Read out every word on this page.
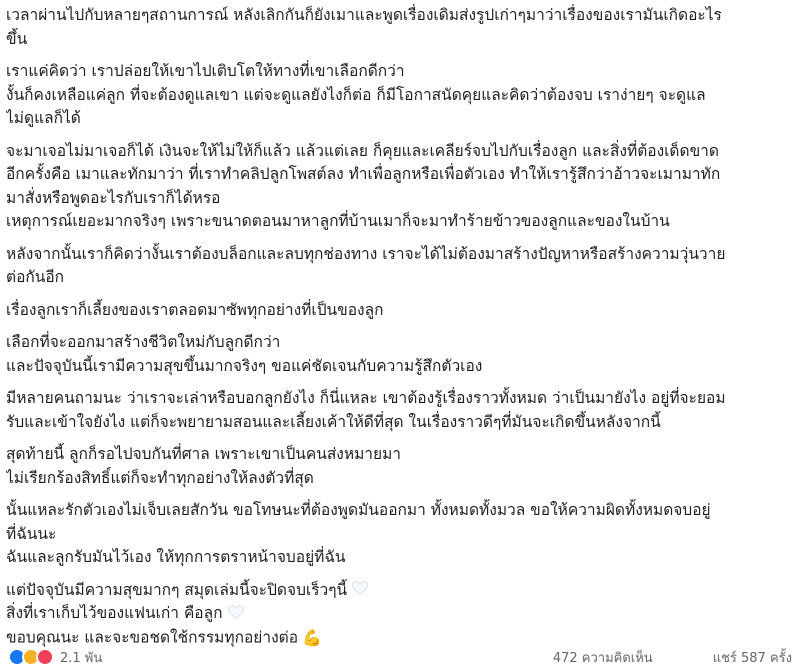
เวลาผ่านไปกับหลายๆสถานการณ์ หลังเลิกกันก็ยังเมาและพูดเรื่องเดิมส่งรูปเก่าๆมาว่าเรื่องของเรามันเกิดอะไร
ขึ้น

เราแค่คิดว่า เราปล่อยให้เขาไปเติบโตให้ทางที่เขาเลือกดีกว่า
งั้นก็คงเหลือแค่ลูก ที่จะต้องดูแลเขา แต่จะดูแลยังไงก็ต่อ ก็มีโอกาสนัดคุยและคิดว่าต้องจบ เราง่ายๆ จะดูแล
ไม่ดูแลก็ได้

จะมาเจอไม่มาเจอก็ได้ เงินจะให้ไม่ให้ก็แล้ว แล้วแต่เลย ก็คุยและเคลียร์จบไปกับเรื่องลูก และสิ่งที่ต้องเด็ดขาด
อีกครั้งคือ เมาและทักมาว่า ที่เราทำคลิปลูกโพสต์ลง ทำเพื่อลูกหรือเพื่อตัวเอง ทำให้เรารู้สึกว่าอ้าวจะเมามาทัก
มาสั่งหรือพูดอะไรกับเราก็ได้หรอ
เหตุการณ์เยอะมากจริงๆ เพราะขนาดตอนมาหาลูกที่บ้านเมาก็จะมาทำร้ายข้าวของลูกและของในบ้าน

หลังจากนั้นเราก็คิดว่างั้นเราต้องบล็อกและลบทุกช่องทาง เราจะได้ไม่ต้องมาสร้างปัญหาหรือสร้างความวุ่นวาย
ต่อกันอีก

เรื่องลูกเราก็เลี้ยงของเราตลอดมาซัพทุกอย่างที่เป็นของลูก

เลือกที่จะออกมาสร้างชีวิตใหม่กับลูกดีกว่า
และปัจจุบันนี้เรามีความสุขขึ้นมากจริงๆ ขอแค่ชัดเจนกับความรู้สึกตัวเอง

มีหลายคนถามนะ ว่าเราจะเล่าหรือบอกลูกยังไง ก็นี่แหละ เขาต้องรู้เรื่องราวทั้งหมด ว่าเป็นมายังไง อยู่ที่จะยอม
รับและเข้าใจยังไง แต่ก็จะพยายามสอนและเลี้ยงเค้าให้ดีที่สุด ในเรื่องราวดีๆที่มันจะเกิดขึ้นหลังจากนี้

สุดท้ายนี้ ลูกก็รอไปจบกันที่ศาล เพราะเขาเป็นคนส่งหมายมา
ไม่เรียกร้องสิทธิ์แต่ก็จะทำทุกอย่างให้ลงตัวที่สุด

นั้นแหละรักตัวเองไม่เจ็บเลยสักวัน ขอโทษนะที่ต้องพูดมันออกมา ทั้งหมดทั้งมวล ขอให้ความผิดทั้งหมดจบอยู่
ที่ฉันนะ
ฉันและลูกรับมันไว้เอง ให้ทุกการตราหน้าจบอยู่ที่ฉัน

แต่ปัจจุบันมีความสุขมากๆ สมุดเล่มนี้จะปิดจบเร็วๆนี้
สิ่งที่เราเก็บไว้ของแฟนเก่า คือลูก
ขอบคุณนะ และจะขอชดใช้กรรมทุกอย่างต่อ 💪

2.1 พัน	472 ความคิดเห็น	แชร์ 587 ครั้ง
